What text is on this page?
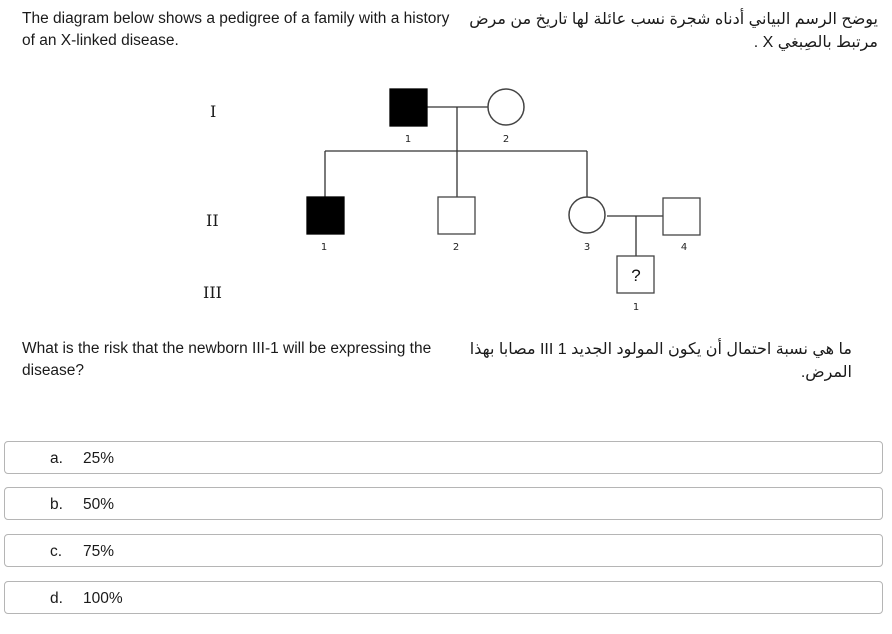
The diagram below shows a pedigree of a family with a history of an X-linked disease.
يوضح الرسم البياني أدناه شجرة نسب عائلة لها تاريخ من مرض مرتبط بالصِبغي X .
I
II
III
1	2
1	2	3	4
1
?
What is the risk that the newborn III-1 will be expressing the disease?
ما هي نسبة احتمال أن يكون المولود الجديد III 1 مصابا بهذا المرض.
a. 25%
b. 50%
c. 75%
d. 100%
